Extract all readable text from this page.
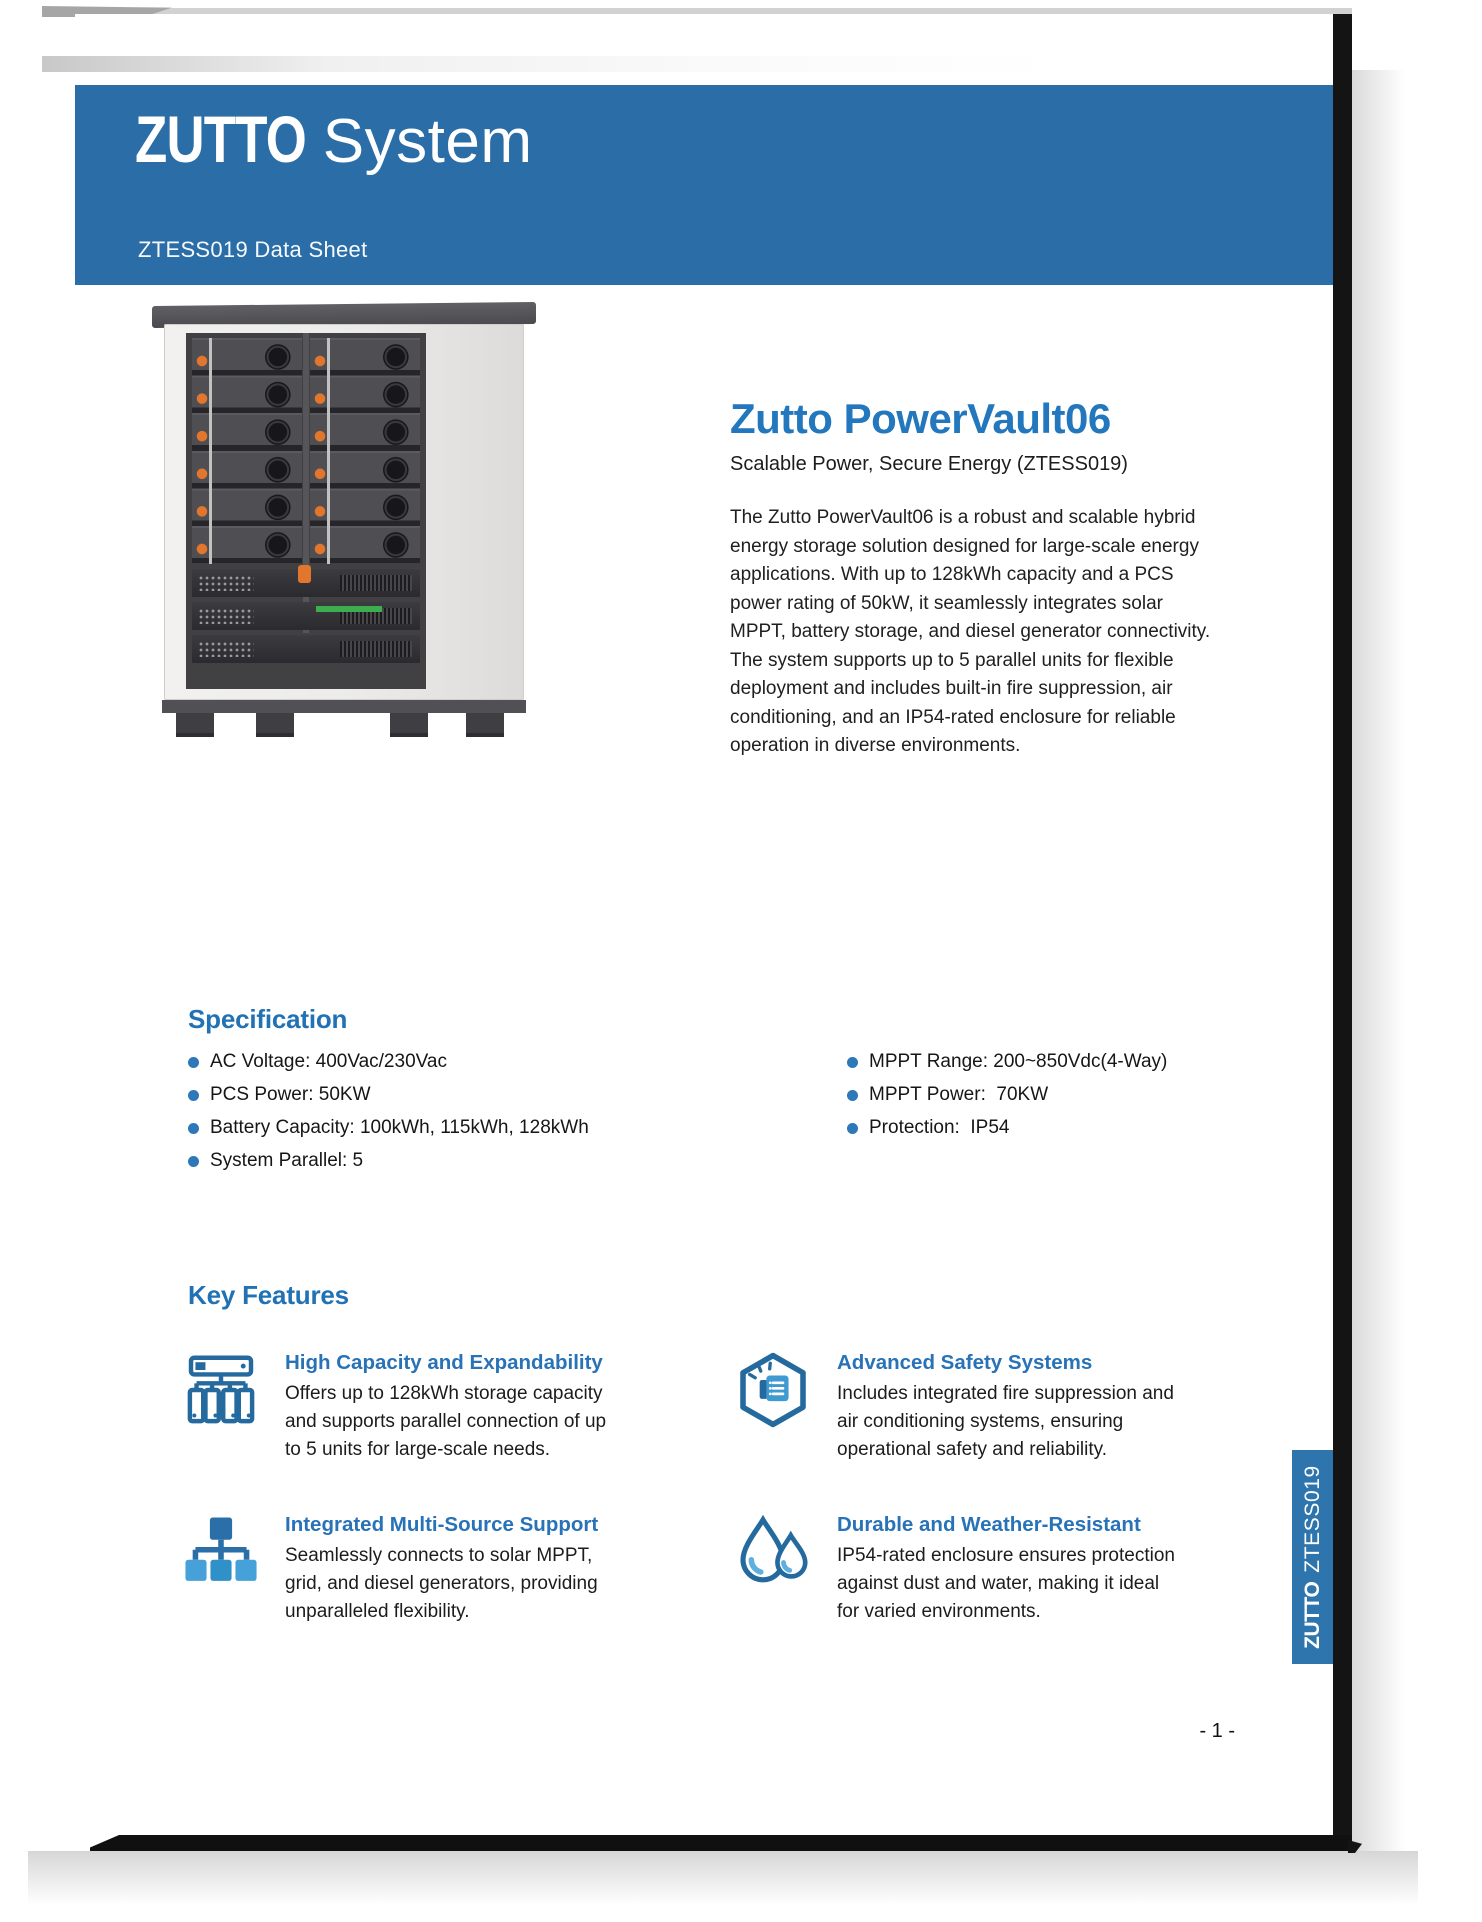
ZUTTO System
ZTESS019 Data Sheet
Zutto PowerVault06

Scalable Power, Secure Energy (ZTESS019)

The Zutto PowerVault06 is a robust and scalable hybrid energy storage solution designed for large-scale energy applications. With up to 128kWh capacity and a PCS power rating of 50kW, it seamlessly integrates solar MPPT, battery storage, and diesel generator connectivity. The system supports up to 5 parallel units for flexible deployment and includes built-in fire suppression, air conditioning, and an IP54-rated enclosure for reliable operation in diverse environments.

Specification
AC Voltage: 400Vac/230Vac
PCS Power: 50KW
Battery Capacity: 100kWh, 115kWh, 128kWh
System Parallel: 5
MPPT Range: 200~850Vdc(4-Way)
MPPT Power:  70KW
Protection:  IP54
Key Features
High Capacity and Expandability

Offers up to 128kWh storage capacity and supports parallel connection of up to 5 units for large-scale needs.

Advanced Safety Systems

Includes integrated fire suppression and air conditioning systems, ensuring operational safety and reliability.

Integrated Multi-Source Support

Seamlessly connects to solar MPPT, grid, and diesel generators, providing unparalleled flexibility.

Durable and Weather-Resistant

IP54-rated enclosure ensures protection against dust and water, making it ideal for varied environments.	ZUTTO
ZTESS019
- 1 -
